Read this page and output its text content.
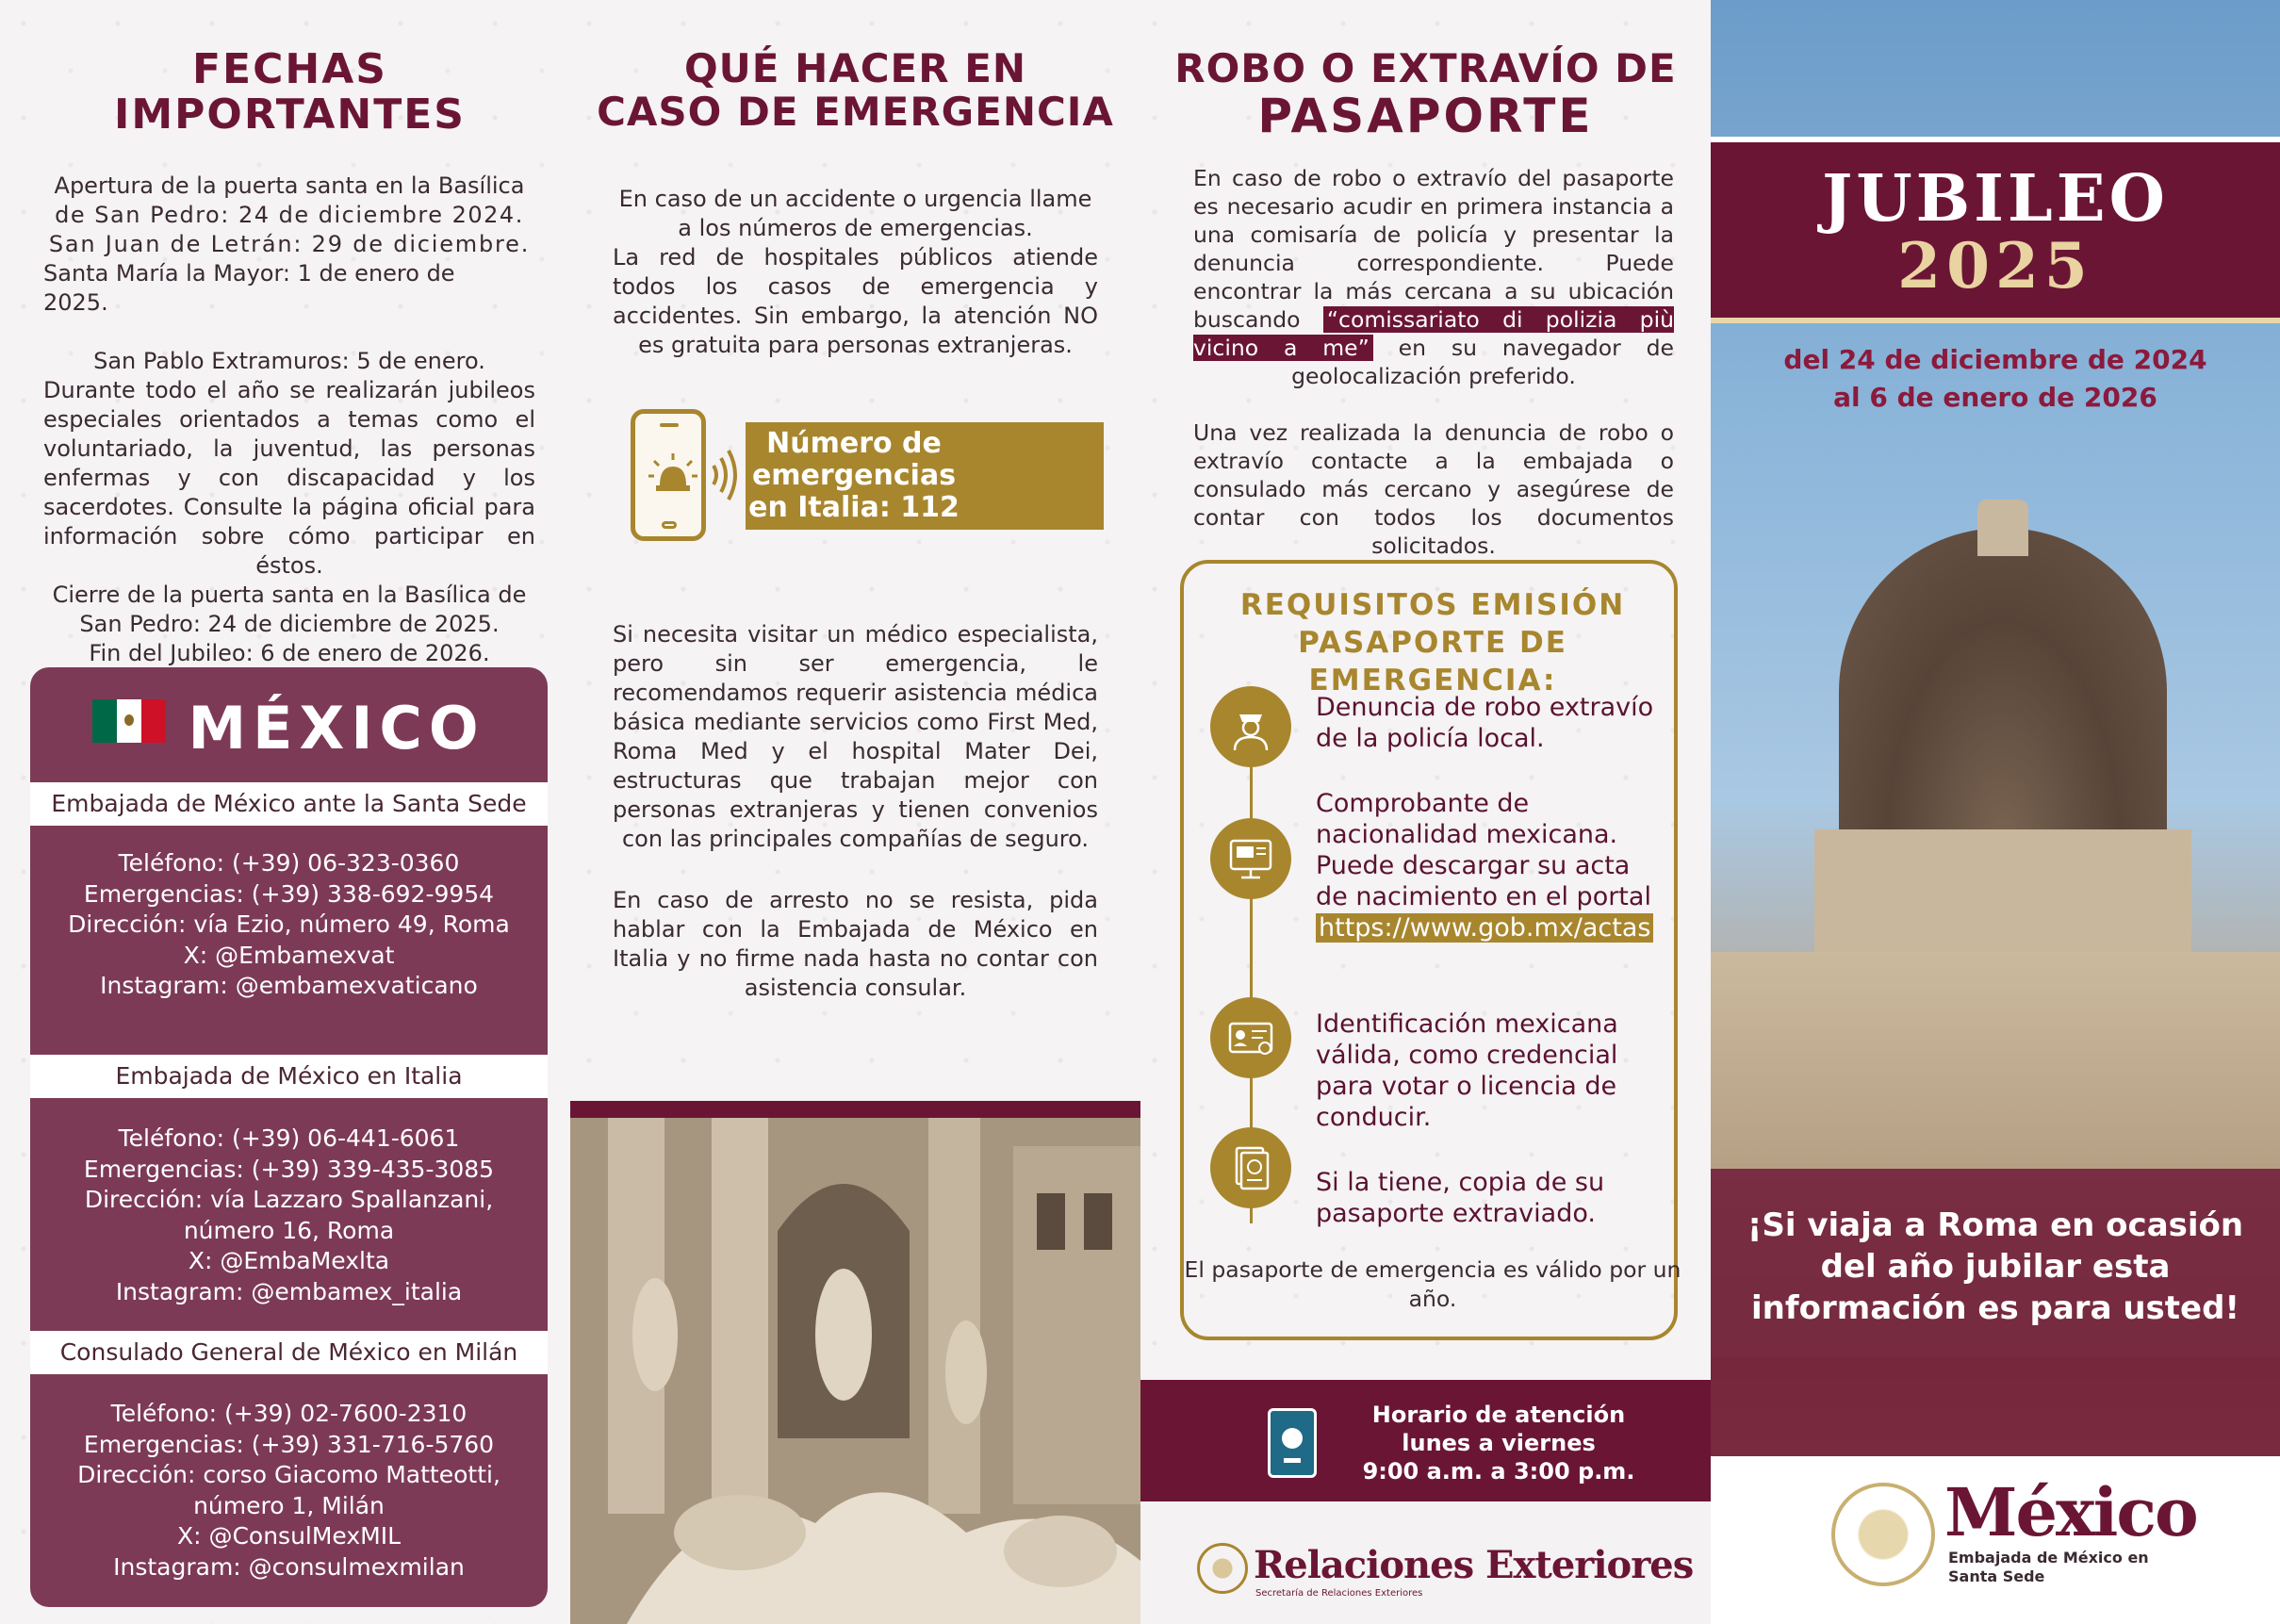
FECHAS
IMPORTANTES
Apertura de la puerta santa en la Basílica
de San Pedro: 24 de diciembre 2024.
San Juan de Letrán: 29 de diciembre.
Santa María la Mayor: 1 de enero de
2025.
San Pablo Extramuros: 5 de enero.
Durante todo el año se realizarán jubileos especiales orientados a temas como el voluntariado, la juventud, las personas enfermas y con discapacidad y los sacerdotes. Consulte la página oficial para información sobre cómo participar en éstos.
Cierre de la puerta santa en la Basílica de San Pedro: 24 de diciembre de 2025.
Fin del Jubileo: 6 de enero de 2026.
MÉXICO
Embajada de México ante la Santa Sede
Teléfono: (+39) 06-323-0360
Emergencias: (+39) 338-692-9954
Dirección: vía Ezio, número 49, Roma
X: @Embamexvat
Instagram: @embamexvaticano
Embajada de México en Italia
Teléfono: (+39) 06-441-6061
Emergencias: (+39) 339-435-3085
Dirección: vía Lazzaro Spallanzani,
número 16, Roma
X: @EmbaMexlta
Instagram: @embamex_italia
Consulado General de México en Milán
Teléfono: (+39) 02-7600-2310
Emergencias: (+39) 331-716-5760
Dirección: corso Giacomo Matteotti,
número 1, Milán
X: @ConsulMexMIL
Instagram: @consulmexmilan
QUÉ HACER EN
CASO DE EMERGENCIA
En caso de un accidente o urgencia llame
a los números de emergencias.
La red de hospitales públicos atiende todos los casos de emergencia y accidentes. Sin embargo, la atención NO es gratuita para personas extranjeras.
Número de
emergencias
en Italia: 112
Si necesita visitar un médico especialista, pero sin ser emergencia, le recomendamos requerir asistencia médica básica mediante servicios como First Med, Roma Med y el hospital Mater Dei, estructuras que trabajan mejor con personas extranjeras y tienen convenios con las principales compañías de seguro.
En caso de arresto no se resista, pida hablar con la Embajada de México en Italia y no firme nada hasta no contar con asistencia consular.
ROBO O EXTRAVÍO DE
PASAPORTE
En caso de robo o extravío del pasaporte es necesario acudir en primera instancia a una comisaría de policía y presentar la denuncia correspondiente. Puede encontrar la más cercana a su ubicación buscando “comissariato di polizia più vicino a me” en su navegador de geolocalización preferido.
Una vez realizada la denuncia de robo o extravío contacte a la embajada o consulado más cercano y asegúrese de contar con todos los documentos solicitados.
REQUISITOS EMISIÓN
PASAPORTE DE EMERGENCIA:
Denuncia de robo extravío de la policía local.
Comprobante de nacionalidad mexicana. Puede descargar su acta de nacimiento en el portal https://www.gob.mx/actas
Identificación mexicana válida, como credencial para votar o licencia de conducir.
Si la tiene, copia de su pasaporte extraviado.
El pasaporte de emergencia es válido por un año.
Horario de atención
lunes a viernes
9:00 a.m. a 3:00 p.m.
Relaciones Exteriores
Secretaría de Relaciones Exteriores
JUBILEO
2025
del 24 de diciembre de 2024
al 6 de enero de 2026
¡Si viaja a Roma en ocasión del año jubilar esta información es para usted!
México
Embajada de México en
Santa Sede
